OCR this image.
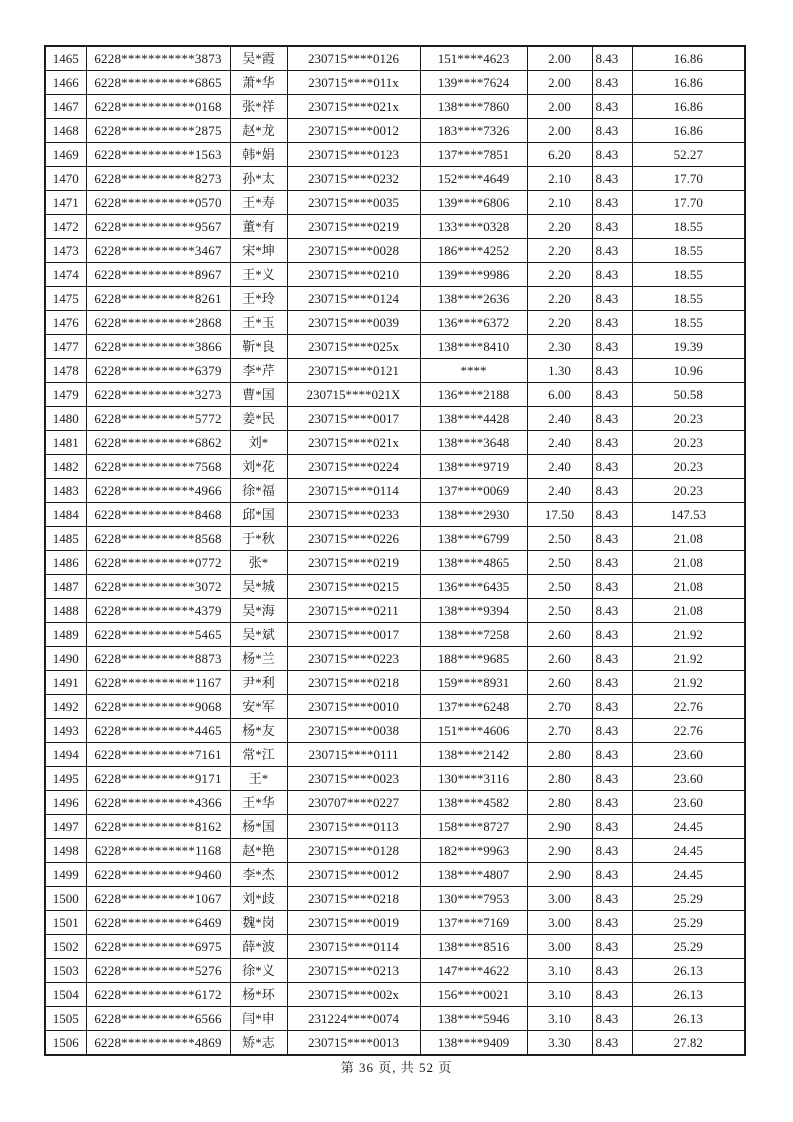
1465	6228***********3873	吴*霞	230715****0126	151****4623	2.00	8.43	16.86
1466	6228***********6865	萧*华	230715****011x	139****7624	2.00	8.43	16.86
1467	6228***********0168	张*祥	230715****021x	138****7860	2.00	8.43	16.86
1468	6228***********2875	赵*龙	230715****0012	183****7326	2.00	8.43	16.86
1469	6228***********1563	韩*娟	230715****0123	137****7851	6.20	8.43	52.27
1470	6228***********8273	孙*太	230715****0232	152****4649	2.10	8.43	17.70
1471	6228***********0570	王*寿	230715****0035	139****6806	2.10	8.43	17.70
1472	6228***********9567	董*有	230715****0219	133****0328	2.20	8.43	18.55
1473	6228***********3467	宋*坤	230715****0028	186****4252	2.20	8.43	18.55
1474	6228***********8967	王*义	230715****0210	139****9986	2.20	8.43	18.55
1475	6228***********8261	王*玲	230715****0124	138****2636	2.20	8.43	18.55
1476	6228***********2868	王*玉	230715****0039	136****6372	2.20	8.43	18.55
1477	6228***********3866	靳*良	230715****025x	138****8410	2.30	8.43	19.39
1478	6228***********6379	李*芹	230715****0121	****	1.30	8.43	10.96
1479	6228***********3273	曹*国	230715****021X	136****2188	6.00	8.43	50.58
1480	6228***********5772	姜*民	230715****0017	138****4428	2.40	8.43	20.23
1481	6228***********6862	刘*	230715****021x	138****3648	2.40	8.43	20.23
1482	6228***********7568	刘*花	230715****0224	138****9719	2.40	8.43	20.23
1483	6228***********4966	徐*福	230715****0114	137****0069	2.40	8.43	20.23
1484	6228***********8468	邱*国	230715****0233	138****2930	17.50	8.43	147.53
1485	6228***********8568	于*秋	230715****0226	138****6799	2.50	8.43	21.08
1486	6228***********0772	张*	230715****0219	138****4865	2.50	8.43	21.08
1487	6228***********3072	吴*城	230715****0215	136****6435	2.50	8.43	21.08
1488	6228***********4379	吴*海	230715****0211	138****9394	2.50	8.43	21.08
1489	6228***********5465	吴*斌	230715****0017	138****7258	2.60	8.43	21.92
1490	6228***********8873	杨*兰	230715****0223	188****9685	2.60	8.43	21.92
1491	6228***********1167	尹*利	230715****0218	159****8931	2.60	8.43	21.92
1492	6228***********9068	安*军	230715****0010	137****6248	2.70	8.43	22.76
1493	6228***********4465	杨*友	230715****0038	151****4606	2.70	8.43	22.76
1494	6228***********7161	常*江	230715****0111	138****2142	2.80	8.43	23.60
1495	6228***********9171	王*	230715****0023	130****3116	2.80	8.43	23.60
1496	6228***********4366	王*华	230707****0227	138****4582	2.80	8.43	23.60
1497	6228***********8162	杨*国	230715****0113	158****8727	2.90	8.43	24.45
1498	6228***********1168	赵*艳	230715****0128	182****9963	2.90	8.43	24.45
1499	6228***********9460	李*杰	230715****0012	138****4807	2.90	8.43	24.45
1500	6228***********1067	刘*歧	230715****0218	130****7953	3.00	8.43	25.29
1501	6228***********6469	魏*岗	230715****0019	137****7169	3.00	8.43	25.29
1502	6228***********6975	薛*波	230715****0114	138****8516	3.00	8.43	25.29
1503	6228***********5276	徐*义	230715****0213	147****4622	3.10	8.43	26.13
1504	6228***********6172	杨*环	230715****002x	156****0021	3.10	8.43	26.13
1505	6228***********6566	闫*申	231224****0074	138****5946	3.10	8.43	26.13
1506	6228***********4869	矫*志	230715****0013	138****9409	3.30	8.43	27.82
第 36 页, 共 52 页
